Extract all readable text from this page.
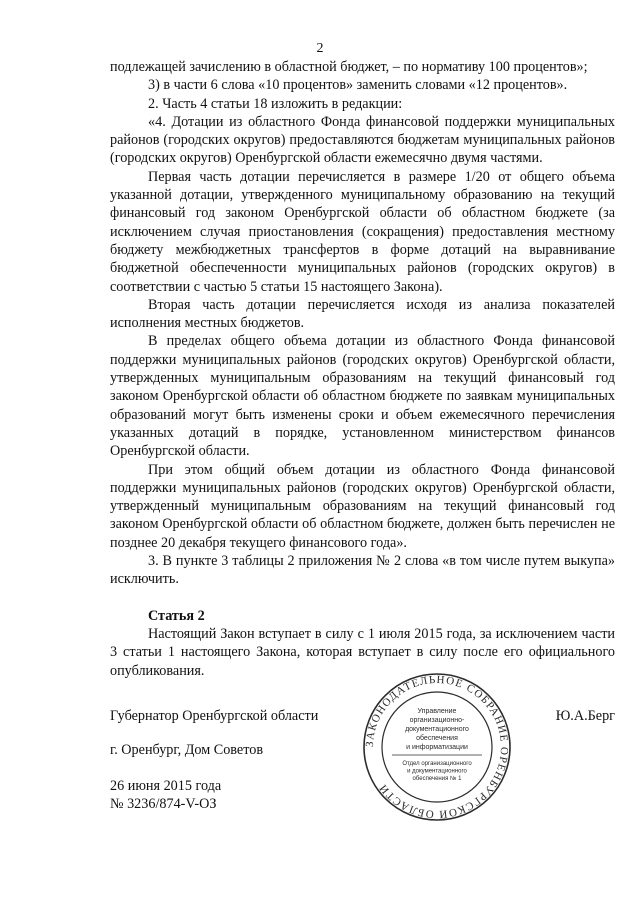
2

подлежащей зачислению в областной бюджет, – по нормативу 100 процентов»;

3) в части 6 слова «10 процентов» заменить словами «12 процентов».

2. Часть 4 статьи 18 изложить в редакции:

«4. Дотации из областного Фонда финансовой поддержки муниципальных районов (городских округов) предоставляются бюджетам муниципальных районов (городских округов) Оренбургской области ежемесячно двумя частями.

Первая часть дотации перечисляется в размере 1/20 от общего объема указанной дотации, утвержденного муниципальному образованию на текущий финансовый год законом Оренбургской области об областном бюджете (за исключением случая приостановления (сокращения) предоставления местному бюджету межбюджетных трансфертов в форме дотаций на выравнивание бюджетной обеспеченности муниципальных районов (городских округов) в соответствии с частью 5 статьи 15 настоящего Закона).

Вторая часть дотации перечисляется исходя из анализа показателей исполнения местных бюджетов.

В пределах общего объема дотации из областного Фонда финансовой поддержки муниципальных районов (городских округов) Оренбургской области, утвержденных муниципальным образованиям на текущий финансовый год законом Оренбургской области об областном бюджете по заявкам муниципальных образований могут быть изменены сроки и объем ежемесячного перечисления указанных дотаций в порядке, установленном министерством финансов Оренбургской области.

При этом общий объем дотации из областного Фонда финансовой поддержки муниципальных районов (городских округов) Оренбургской области, утвержденный муниципальным образованиям на текущий финансовый год законом Оренбургской области об областном бюджете, должен быть перечислен не позднее 20 декабря текущего финансового года».

3. В пункте 3 таблицы 2 приложения № 2 слова «в том числе путем выкупа» исключить.

Статья 2

Настоящий Закон вступает в силу с 1 июля 2015 года, за исключением части 3 статьи 1 настоящего Закона, которая вступает в силу после его официального опубликования.

Губернатор Оренбургской области	Ю.А.Берг
г. Оренбург, Дом Советов
26 июня 2015 года
№ 3236/874-V-ОЗ
ЗАКОНОДАТЕЛЬНОЕ СОБРАНИЕ ОРЕНБУРГСКОЙ ОБЛАСТИ
Управление
организационно-
документационного
обеспечения
и информатизации
Отдел организационного
и документационного
обеспечения № 1
